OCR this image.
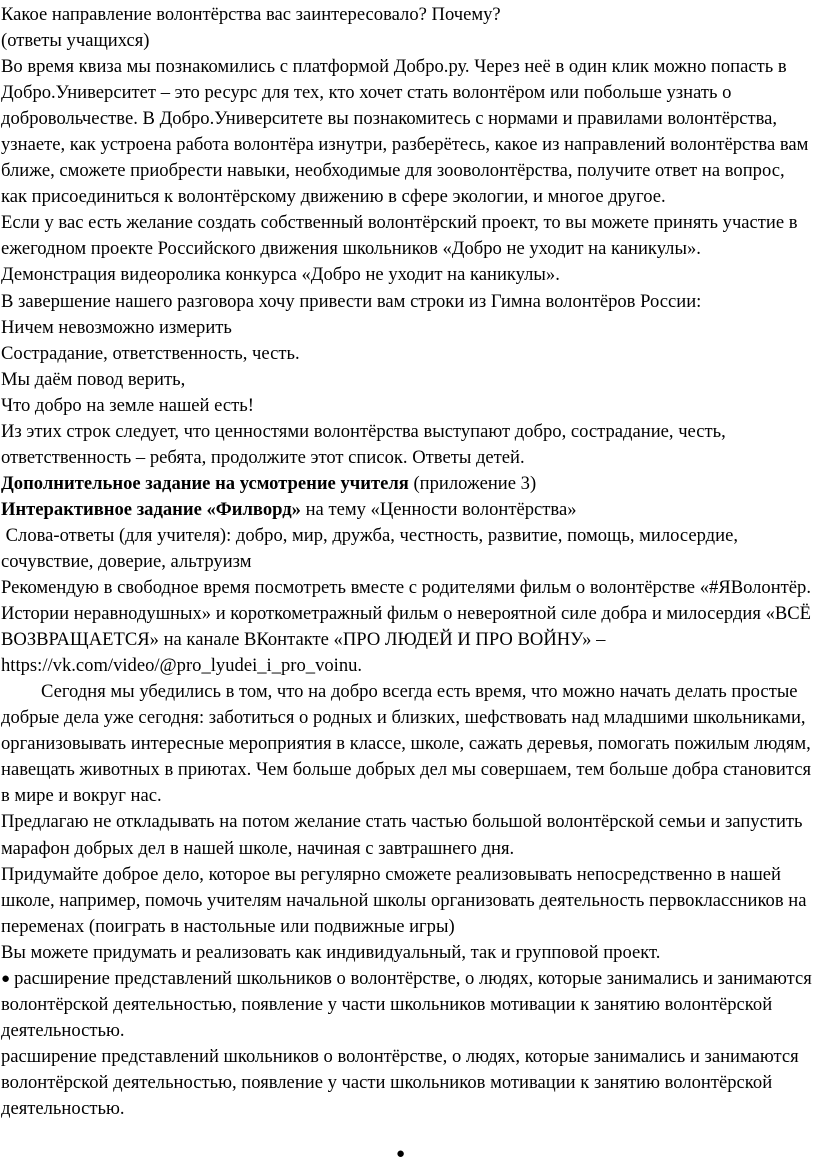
Какое направление волонтёрства вас заинтересовало? Почему?

(ответы учащихся)

Во время квиза мы познакомились с платформой Добро.ру. Через неё в один клик можно попасть в Добро.Университет – это ресурс для тех, кто хочет стать волонтёром или побольше узнать о добровольчестве. В Добро.Университете вы познакомитесь с нормами и правилами волонтёрства, узнаете, как устроена работа волонтёра изнутри, разберётесь, какое из направлений волонтёрства вам ближе, сможете приобрести навыки, необходимые для зооволонтёрства, получите ответ на вопрос, как присоединиться к волонтёрскому движению в сфере экологии, и многое другое.

Если у вас есть желание создать собственный волонтёрский проект, то вы можете принять участие в ежегодном проекте Российского движения школьников «Добро не уходит на каникулы». Демонстрация видеоролика конкурса «Добро не уходит на каникулы».

В завершение нашего разговора хочу привести вам строки из Гимна волонтёров России:

Ничем невозможно измерить

Сострадание, ответственность, честь.

Мы даём повод верить,

Что добро на земле нашей есть!

Из этих строк следует, что ценностями волонтёрства выступают добро, сострадание, честь, ответственность – ребята, продолжите этот список. Ответы детей.

Дополнительное задание на усмотрение учителя (приложение 3)

Интерактивное задание «Филворд» на тему «Ценности волонтёрства»

Слова-ответы (для учителя): добро, мир, дружба, честность, развитие, помощь, милосердие, сочувствие, доверие, альтруизм

Рекомендую в свободное время посмотреть вместе с родителями фильм о волонтёрстве «#ЯВолонтёр. Истории неравнодушных» и короткометражный фильм о невероятной силе добра и милосердия «ВСЁ ВОЗВРАЩАЕТСЯ» на канале ВКонтакте «ПРО ЛЮДЕЙ И ПРО ВОЙНУ» – https://vk.com/video/@pro_lyudei_i_pro_voinu.

Сегодня мы убедились в том, что на добро всегда есть время, что можно начать делать простые добрые дела уже сегодня: заботиться о родных и близких, шефствовать над младшими школьниками, организовывать интересные мероприятия в классе, школе, сажать деревья, помогать пожилым людям, навещать животных в приютах. Чем больше добрых дел мы совершаем, тем больше добра становится в мире и вокруг нас.

Предлагаю не откладывать на потом желание стать частью большой волонтёрской семьи и запустить марафон добрых дел в нашей школе, начиная с завтрашнего дня.

Придумайте доброе дело, которое вы регулярно сможете реализовывать непосредственно в нашей школе, например, помочь учителям начальной школы организовать деятельность первоклассников на переменах (поиграть в настольные или подвижные игры)

Вы можете придумать и реализовать как индивидуальный, так и групповой проект.

● расширение представлений школьников о волонтёрстве, о людях, которые занимались и занимаются волонтёрской деятельностью, появление у части школьников мотивации к занятию волонтёрской деятельностью.

расширение представлений школьников о волонтёрстве, о людях, которые занимались и занимаются волонтёрской деятельностью, появление у части школьников мотивации к занятию волонтёрской деятельностью.

●
